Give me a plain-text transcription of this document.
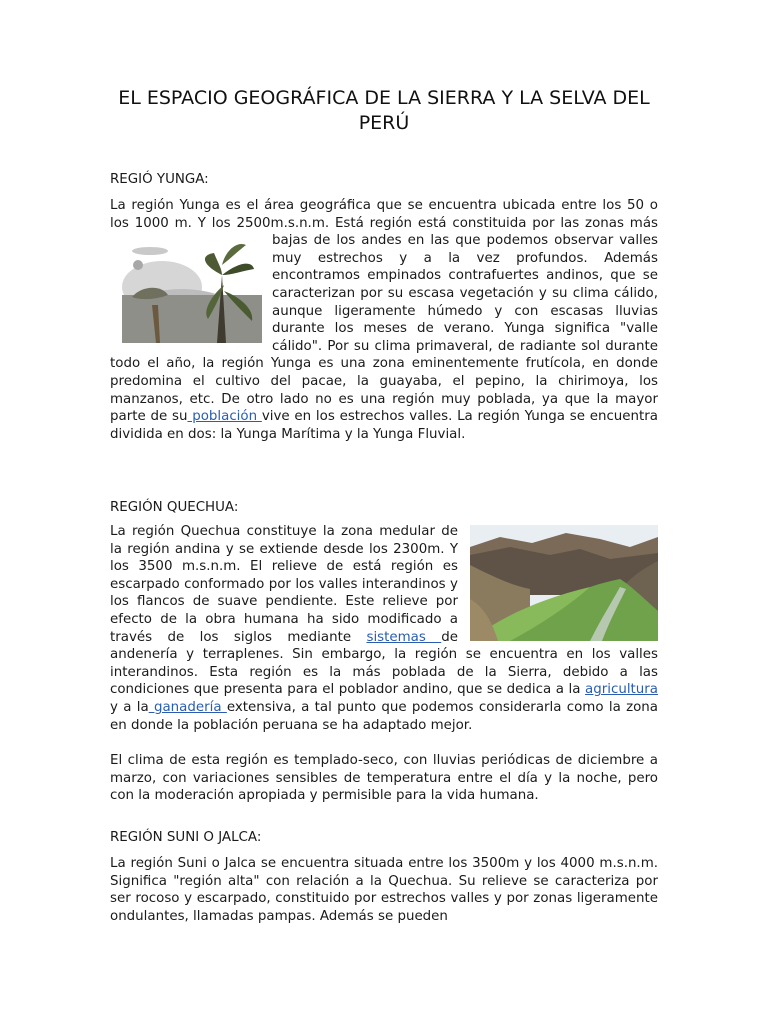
EL ESPACIO GEOGRÁFICA DE LA SIERRA Y LA SELVA DEL PERÚ

REGIÓ YUNGA:

La región Yunga es el área geográfica que se encuentra ubicada entre los 50 o los 1000 m. Y los 2500m.s.n.m. Está región está constituida por las zonas más bajas de los andes en las que podemos observar valles muy estrechos y a la vez profundos. Además encontramos empinados contrafuertes andinos, que se caracterizan por su escasa vegetación y su clima cálido, aunque ligeramente húmedo y con escasas lluvias durante los meses de verano. Yunga significa "valle cálido". Por su clima primaveral, de radiante sol durante todo el año, la región Yunga es una zona eminentemente frutícola, en donde predomina el cultivo del pacae, la guayaba, el pepino, la chirimoya, los manzanos, etc. De otro lado no es una región muy poblada, ya que la mayor parte de su población vive en los estrechos valles. La región Yunga se encuentra dividida en dos: la Yunga Marítima y la Yunga Fluvial.

REGIÓN QUECHUA:

La región Quechua constituye la zona medular de la región andina y se extiende desde los 2300m. Y los 3500 m.s.n.m. El relieve de está región es escarpado conformado por los valles interandinos y los flancos de suave pendiente. Este relieve por efecto de la obra humana ha sido modificado a través de los siglos mediante sistemas de andenería y terraplenes. Sin embargo, la región se encuentra en los valles interandinos. Esta región es la más poblada de la Sierra, debido a las condiciones que presenta para el poblador andino, que se dedica a la agricultura y a la ganadería extensiva, a tal punto que podemos considerarla como la zona en donde la población peruana se ha adaptado mejor.

El clima de esta región es templado-seco, con lluvias periódicas de diciembre a marzo, con variaciones sensibles de temperatura entre el día y la noche, pero con la moderación apropiada y permisible para la vida humana.

REGIÓN SUNI O JALCA:

La región Suni o Jalca se encuentra situada entre los 3500m y los 4000 m.s.n.m. Significa "región alta" con relación a la Quechua. Su relieve se caracteriza por ser rocoso y escarpado, constituido por estrechos valles y por zonas ligeramente ondulantes, llamadas pampas. Además se pueden
